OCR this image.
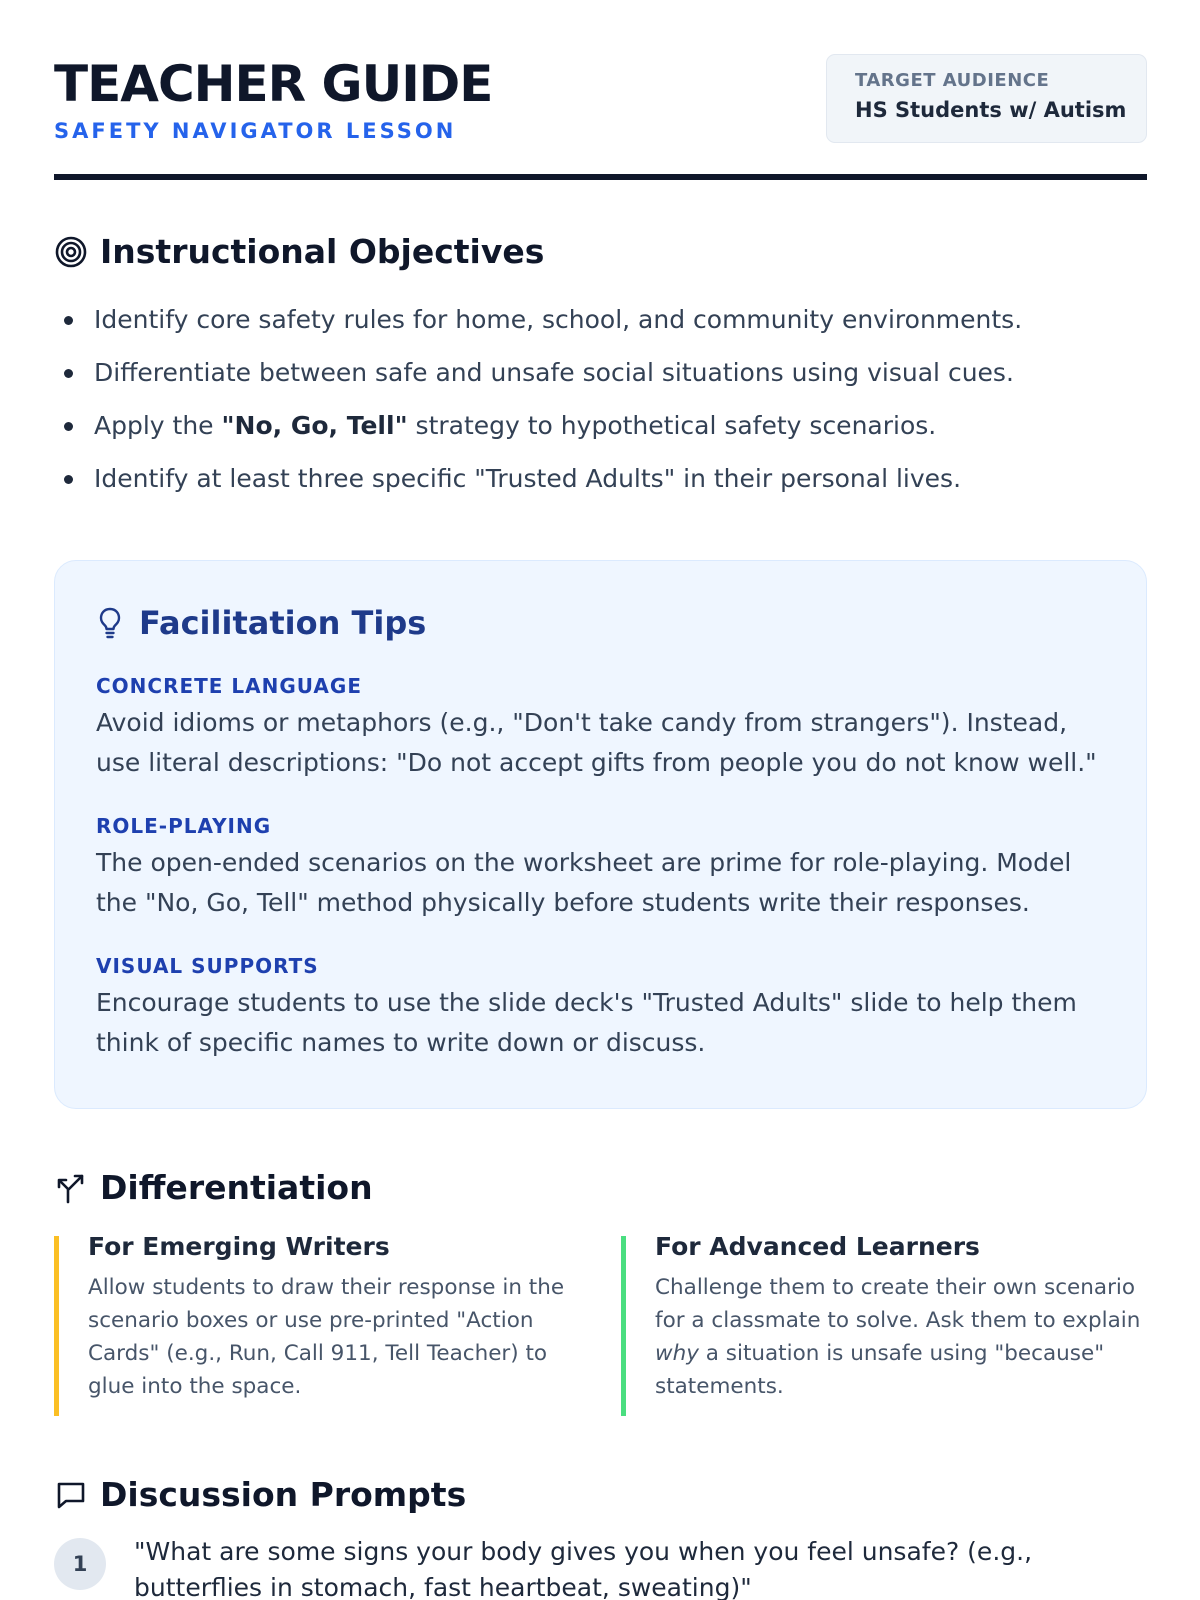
TEACHER GUIDE
SAFETY NAVIGATOR LESSON
TARGET AUDIENCE
HS Students w/ Autism
Instructional Objectives
Identify core safety rules for home, school, and community environments.
Differentiate between safe and unsafe social situations using visual cues.
Apply the "No, Go, Tell" strategy to hypothetical safety scenarios.
Identify at least three specific "Trusted Adults" in their personal lives.
Facilitation Tips
CONCRETE LANGUAGE
Avoid idioms or metaphors (e.g., "Don't take candy from strangers"). Instead, use literal descriptions: "Do not accept gifts from people you do not know well."
ROLE-PLAYING
The open-ended scenarios on the worksheet are prime for role-playing. Model the "No, Go, Tell" method physically before students write their responses.
VISUAL SUPPORTS
Encourage students to use the slide deck's "Trusted Adults" slide to help them think of specific names to write down or discuss.
Differentiation
For Emerging Writers
Allow students to draw their response in the scenario boxes or use pre-printed "Action Cards" (e.g., Run, Call 911, Tell Teacher) to glue into the space.
For Advanced Learners
Challenge them to create their own scenario for a classmate to solve. Ask them to explain why a situation is unsafe using "because" statements.
Discussion Prompts
1	"What are some signs your body gives you when you feel unsafe? (e.g., butterflies in stomach, fast heartbeat, sweating)"
